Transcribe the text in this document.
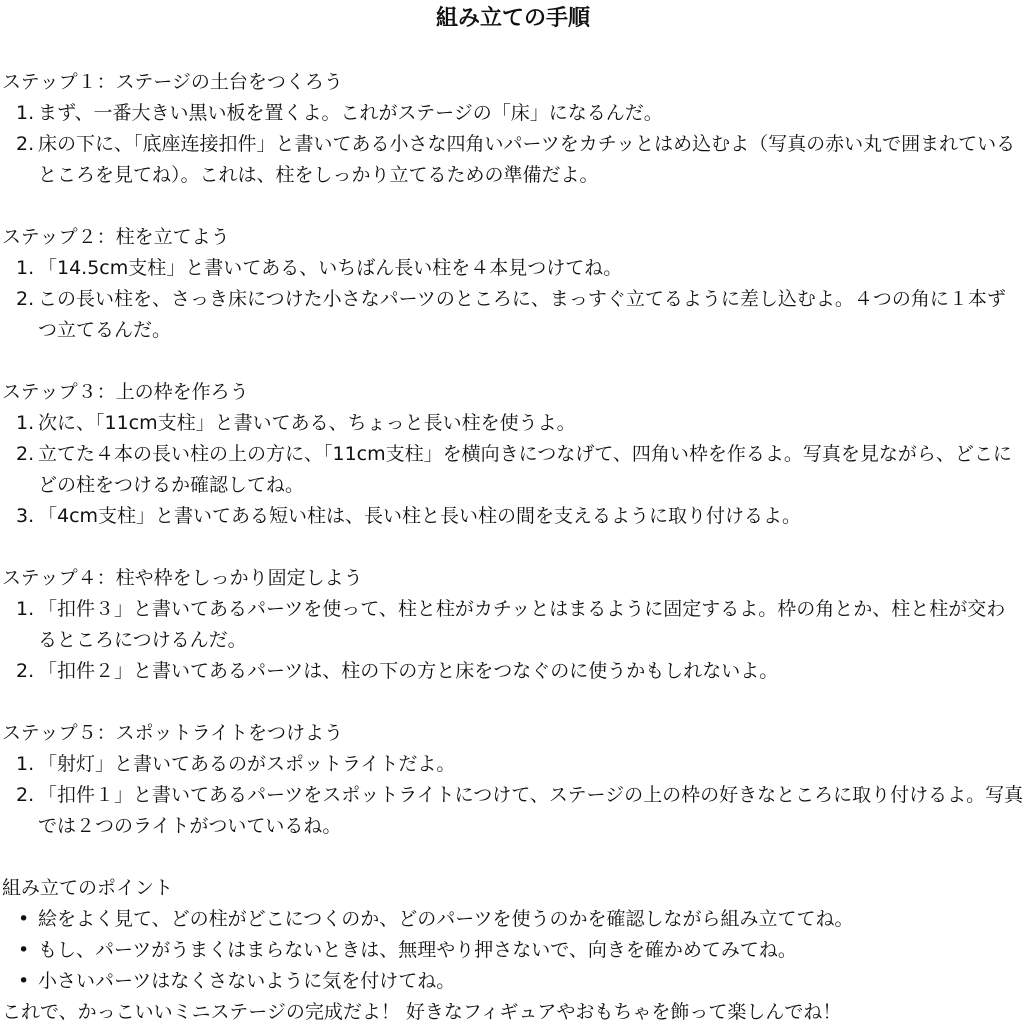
組み立ての手順
ステップ１：ステージの土台をつくろう
1. まず、一番大きい黒い板を置くよ。これがステージの「床」になるんだ。
2. 床の下に、「底座连接扣件」と書いてある小さな四角いパーツをカチッとはめ込むよ（写真の赤い丸で囲まれているところを見てね）。これは、柱をしっかり立てるための準備だよ。
ステップ２：柱を立てよう
1. 「14.5cm支柱」と書いてある、いちばん長い柱を４本見つけてね。
2. この長い柱を、さっき床につけた小さなパーツのところに、まっすぐ立てるように差し込むよ。４つの角に１本ずつ立てるんだ。
ステップ３：上の枠を作ろう
1. 次に、「11cm支柱」と書いてある、ちょっと長い柱を使うよ。
2. 立てた４本の長い柱の上の方に、「11cm支柱」を横向きにつなげて、四角い枠を作るよ。写真を見ながら、どこにどの柱をつけるか確認してね。
3. 「4cm支柱」と書いてある短い柱は、長い柱と長い柱の間を支えるように取り付けるよ。
ステップ４：柱や枠をしっかり固定しよう
1. 「扣件３」と書いてあるパーツを使って、柱と柱がカチッとはまるように固定するよ。枠の角とか、柱と柱が交わるところにつけるんだ。
2. 「扣件２」と書いてあるパーツは、柱の下の方と床をつなぐのに使うかもしれないよ。
ステップ５：スポットライトをつけよう
1. 「射灯」と書いてあるのがスポットライトだよ。
2. 「扣件１」と書いてあるパーツをスポットライトにつけて、ステージの上の枠の好きなところに取り付けるよ。写真では２つのライトがついているね。
組み立てのポイント
• 絵をよく見て、どの柱がどこにつくのか、どのパーツを使うのかを確認しながら組み立ててね。
• もし、パーツがうまくはまらないときは、無理やり押さないで、向きを確かめてみてね。
• 小さいパーツはなくさないように気を付けてね。
これで、かっこいいミニステージの完成だよ！ 好きなフィギュアやおもちゃを飾って楽しんでね！
